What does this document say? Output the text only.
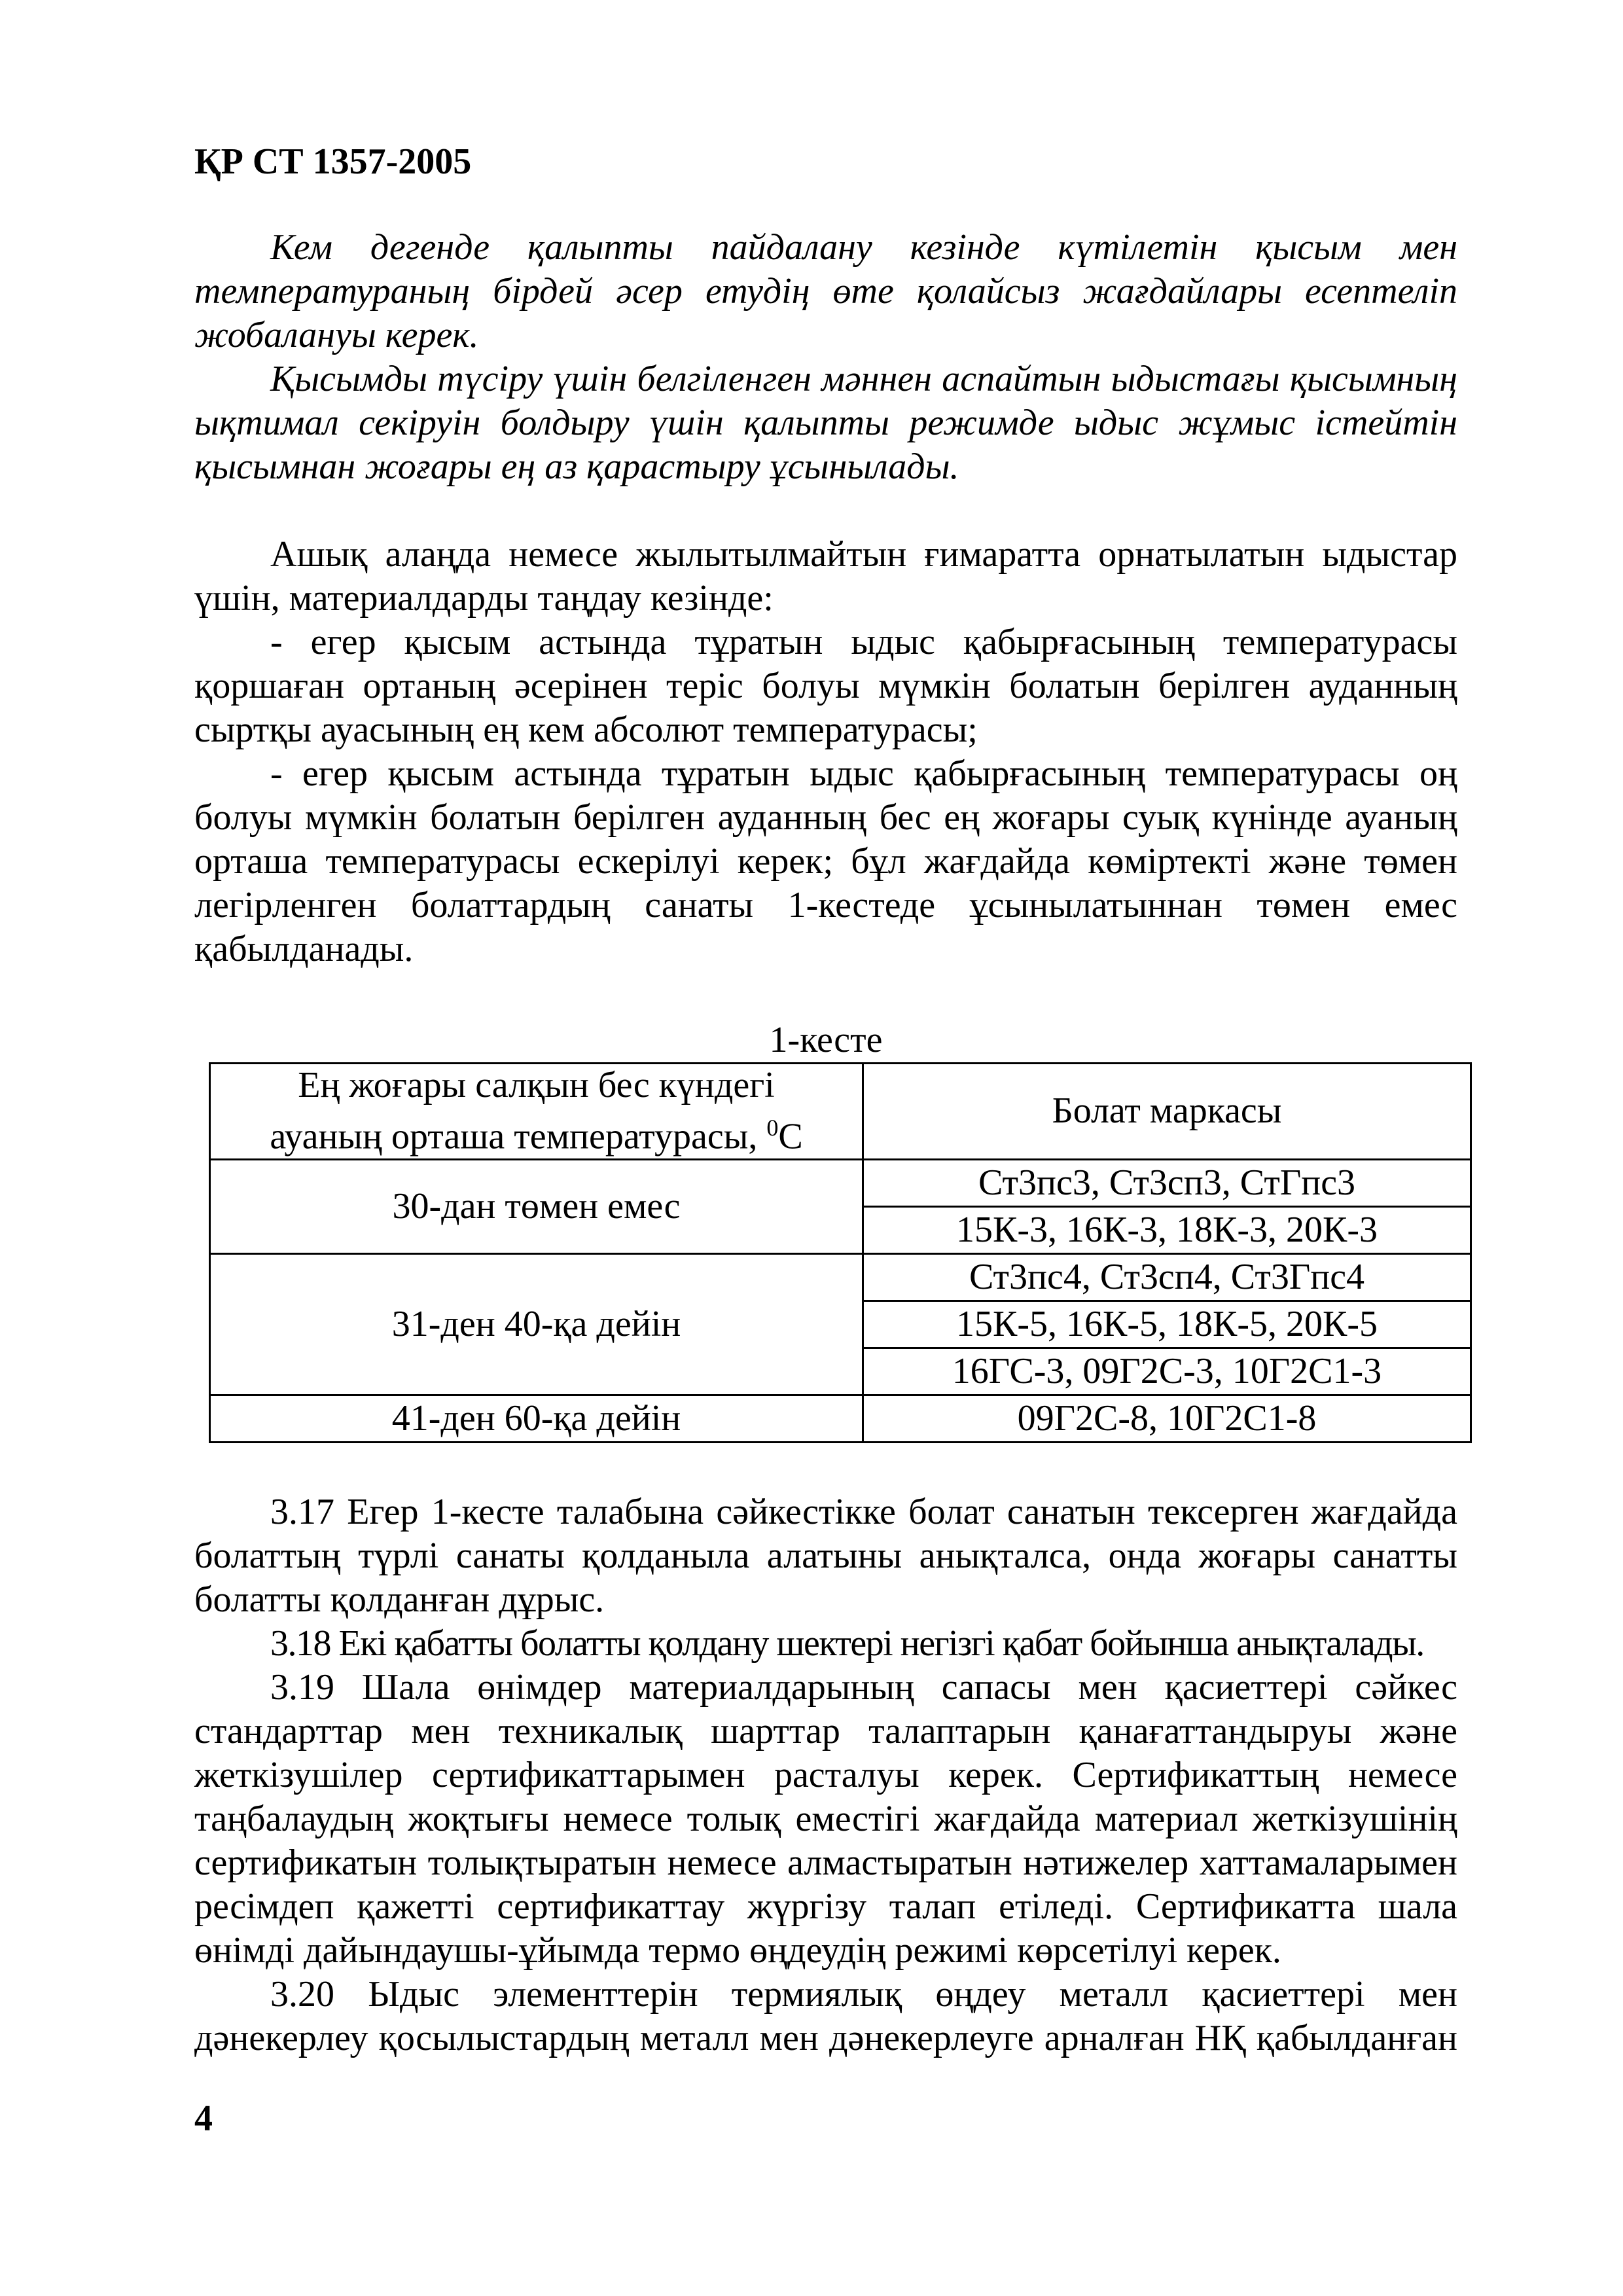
ҚР СТ 1357-2005

Кем дегенде қалыпты пайдалану кезінде күтілетін қысым мен температураның бірдей әсер етудің өте қолайсыз жағдайлары есептеліп жобалануы керек.

Қысымды түсіру үшін белгіленген мәннен аспайтын ыдыстағы қысымның ықтимал секіруін болдыру үшін қалыпты режимде ыдыс жұмыс істейтін қысымнан жоғары ең аз қарастыру ұсынылады.

Ашық алаңда немесе жылытылмайтын ғимаратта орнатылатын ыдыстар үшін, материалдарды таңдау кезінде:

- егер қысым астында тұратын ыдыс қабырғасының температурасы қоршаған ортаның әсерінен теріс болуы мүмкін болатын берілген ауданның сыртқы ауасының ең кем абсолют температурасы;

- егер қысым астында тұратын ыдыс қабырғасының температурасы оң болуы мүмкін болатын берілген ауданның бес ең жоғары суық күнінде ауаның орташа температурасы ескерілуі керек; бұл жағдайда көміртекті және төмен легірленген болаттардың санаты 1-кестеде ұсынылатыннан төмен емес қабылданады.

1-кесте
Ең жоғары салқын бес күндегі
ауаның орташа температурасы, $^0$С	Болат маркасы
30-дан төмен емес	Ст3пс3, Ст3сп3, СтГпс3
	15К-3, 16К-3, 18К-3, 20К-3
31-ден 40-қа дейін	Ст3пс4, Ст3сп4, Ст3Гпс4
	15К-5, 16К-5, 18К-5, 20К-5
	16ГС-3, 09Г2С-3, 10Г2С1-3
41-ден 60-қа дейін	09Г2С-8, 10Г2С1-8

3.17 Егер 1-кесте талабына сәйкестікке болат санатын тексерген жағдайда болаттың түрлі санаты қолданыла алатыны анықталса, онда жоғары санатты болатты қолданған дұрыс.

3.18 Екі қабатты болатты қолдану шектері негізгі қабат бойынша анықталады.

3.19 Шала өнімдер материалдарының сапасы мен қасиеттері сәйкес стандарттар мен техникалық шарттар талаптарын қанағаттандыруы және жеткізушілер сертификаттарымен расталуы керек. Сертификаттың немесе таңбалаудың жоқтығы немесе толық еместігі жағдайда материал жеткізушінің сертификатын толықтыратын немесе алмастыратын нәтижелер хаттамаларымен ресімдеп қажетті сертификаттау жүргізу талап етіледі. Сертификатта шала өнімді дайындаушы-ұйымда термо өңдеудің режимі көрсетілуі керек.

3.20 Ыдыс элементтерін термиялық өңдеу металл қасиеттері мен дәнекерлеу қосылыстардың металл мен дәнекерлеуге арналған НҚ қабылданған

4
